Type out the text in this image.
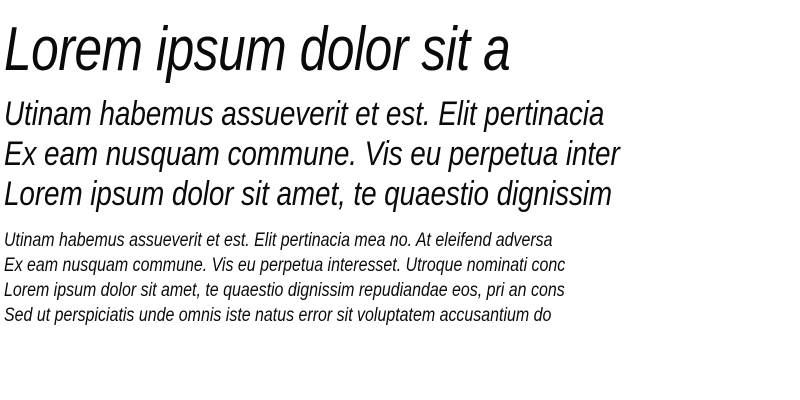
Lorem ipsum dolor sit a
Utinam habemus assueverit et est. Elit pertinacia
Ex eam nusquam commune. Vis eu perpetua inter
Lorem ipsum dolor sit amet, te quaestio dignissim
Utinam habemus assueverit et est. Elit pertinacia mea no. At eleifend adversa
Ex eam nusquam commune. Vis eu perpetua interesset. Utroque nominati conc
Lorem ipsum dolor sit amet, te quaestio dignissim repudiandae eos, pri an cons
Sed ut perspiciatis unde omnis iste natus error sit voluptatem accusantium do
